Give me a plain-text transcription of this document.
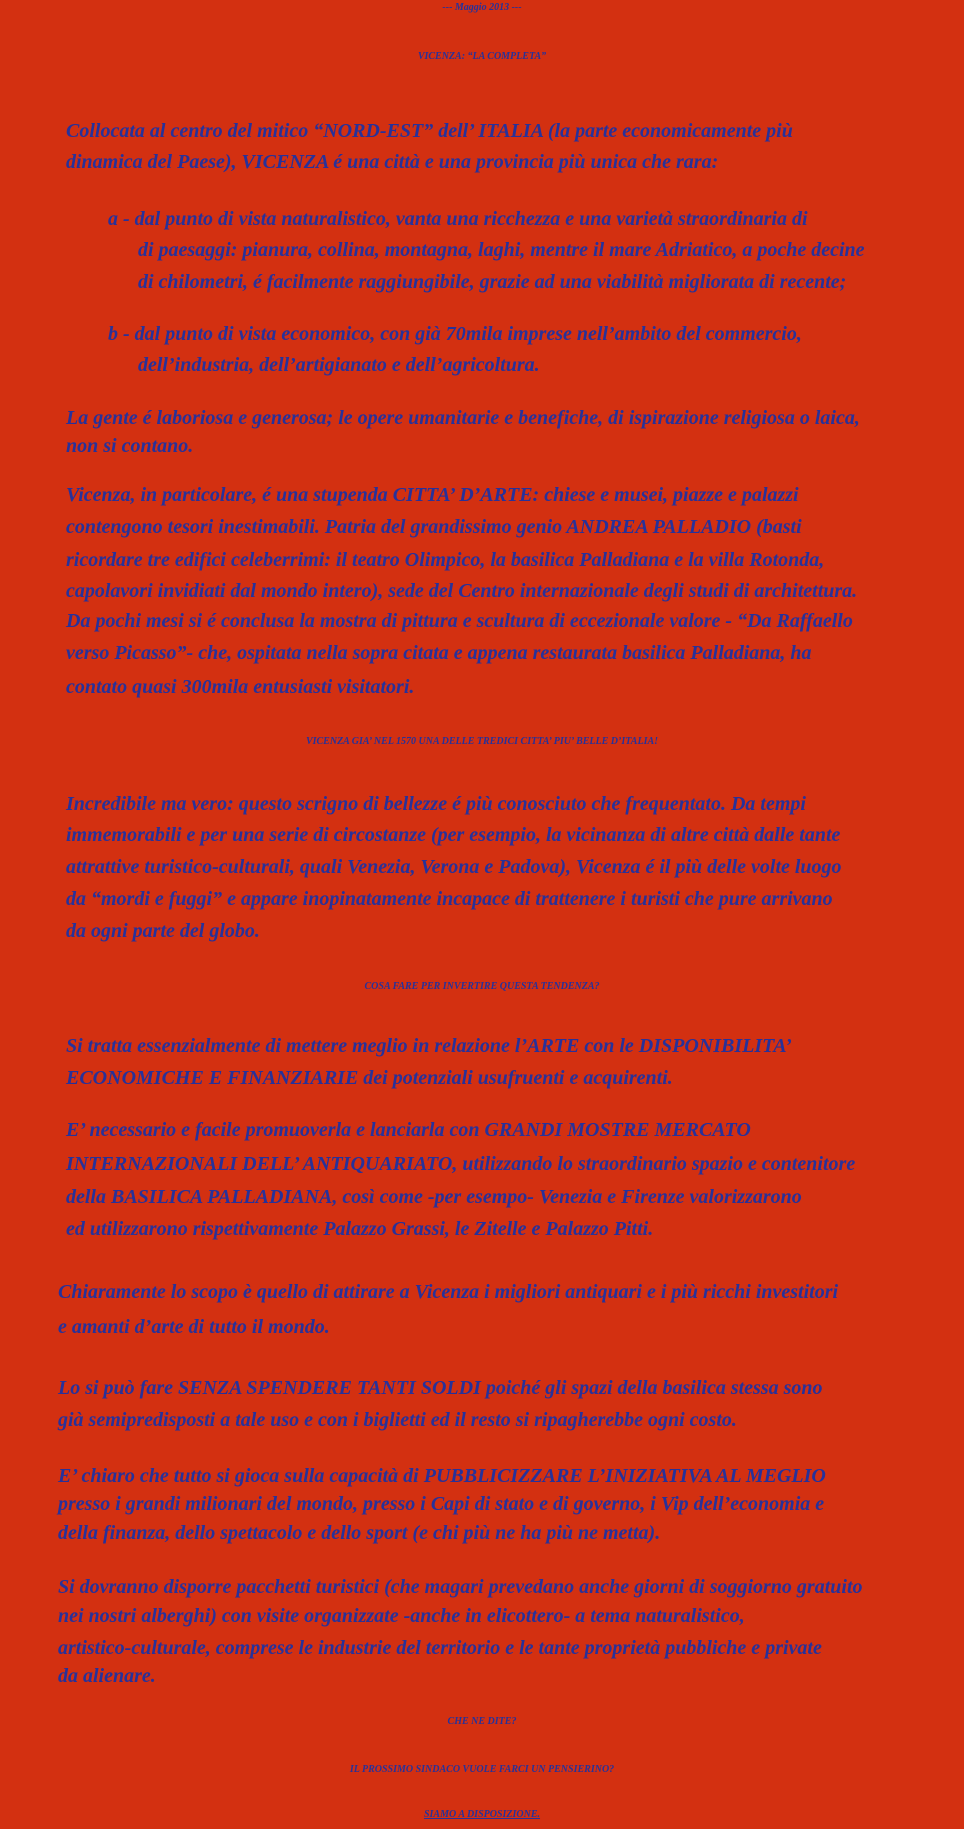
--- Maggio 2013 ---

VICENZA: “LA COMPLETA”

Collocata al centro del mitico “NORD-EST” dell’ ITALIA (la parte economicamente più

dinamica del Paese), VICENZA é una città e una provincia più unica che rara:

a - dal punto di vista naturalistico, vanta una ricchezza e una varietà straordinaria di

di paesaggi: pianura, collina, montagna, laghi, mentre il mare Adriatico, a poche decine

di chilometri, é facilmente raggiungibile, grazie ad una viabilità migliorata di recente;

b - dal punto di vista economico, con già 70mila imprese nell’ambito del commercio,

dell’industria, dell’artigianato e dell’agricoltura.

La gente é laboriosa e generosa; le opere umanitarie e benefiche, di ispirazione religiosa o laica,

non si contano.

Vicenza, in particolare, é una stupenda CITTA’ D’ARTE: chiese e musei, piazze e palazzi

contengono tesori inestimabili. Patria del grandissimo genio ANDREA PALLADIO (basti

ricordare tre edifici celeberrimi: il teatro Olimpico, la basilica Palladiana e la villa Rotonda,

capolavori invidiati dal mondo intero), sede del Centro internazionale degli studi di architettura.

Da pochi mesi si é conclusa la mostra di pittura e scultura di eccezionale valore - “Da Raffaello

verso Picasso”- che, ospitata nella sopra citata e appena restaurata basilica Palladiana, ha

contato quasi 300mila entusiasti visitatori.

VICENZA GIA’ NEL 1570 UNA DELLE TREDICI CITTA’ PIU’ BELLE D’ITALIA!

Incredibile ma vero: questo scrigno di bellezze é più conosciuto che frequentato. Da tempi

immemorabili e per una serie di circostanze (per esempio, la vicinanza di altre città dalle tante

attrattive turistico-culturali, quali Venezia, Verona e Padova), Vicenza é il più delle volte luogo

da “mordi e fuggi” e appare inopinatamente incapace di trattenere i turisti che pure arrivano

da ogni parte del globo.

COSA FARE PER INVERTIRE QUESTA TENDENZA?

Si tratta essenzialmente di mettere meglio in relazione l’ARTE con le DISPONIBILITA’

ECONOMICHE E FINANZIARIE dei potenziali usufruenti e acquirenti.

E’ necessario e facile promuoverla e lanciarla con GRANDI MOSTRE MERCATO

INTERNAZIONALI DELL’ ANTIQUARIATO, utilizzando lo straordinario spazio e contenitore

della BASILICA PALLADIANA, così come -per esempo- Venezia e Firenze valorizzarono

ed utilizzarono rispettivamente Palazzo Grassi, le Zitelle e Palazzo Pitti.

Chiaramente lo scopo è quello di attirare a Vicenza i migliori antiquari e i più ricchi investitori

e amanti d’arte di tutto il mondo.

Lo si può fare SENZA SPENDERE TANTI SOLDI poiché gli spazi della basilica stessa sono

già semipredisposti a tale uso e con i biglietti ed il resto si ripagherebbe ogni costo.

E’ chiaro che tutto si gioca sulla capacità di PUBBLICIZZARE L’INIZIATIVA AL MEGLIO

presso i grandi milionari del mondo, presso i Capi di stato e di governo, i Vip dell’economia e

della finanza, dello spettacolo e dello sport (e chi più ne ha più ne metta).

Si dovranno disporre pacchetti turistici (che magari prevedano anche giorni di soggiorno gratuito

nei nostri alberghi) con visite organizzate -anche in elicottero- a tema naturalistico,

artistico-culturale, comprese le industrie del territorio e le tante proprietà pubbliche e private

da alienare.

CHE NE DITE?

IL PROSSIMO SINDACO VUOLE FARCI UN PENSIERINO?

SIAMO A DISPOSIZIONE.
